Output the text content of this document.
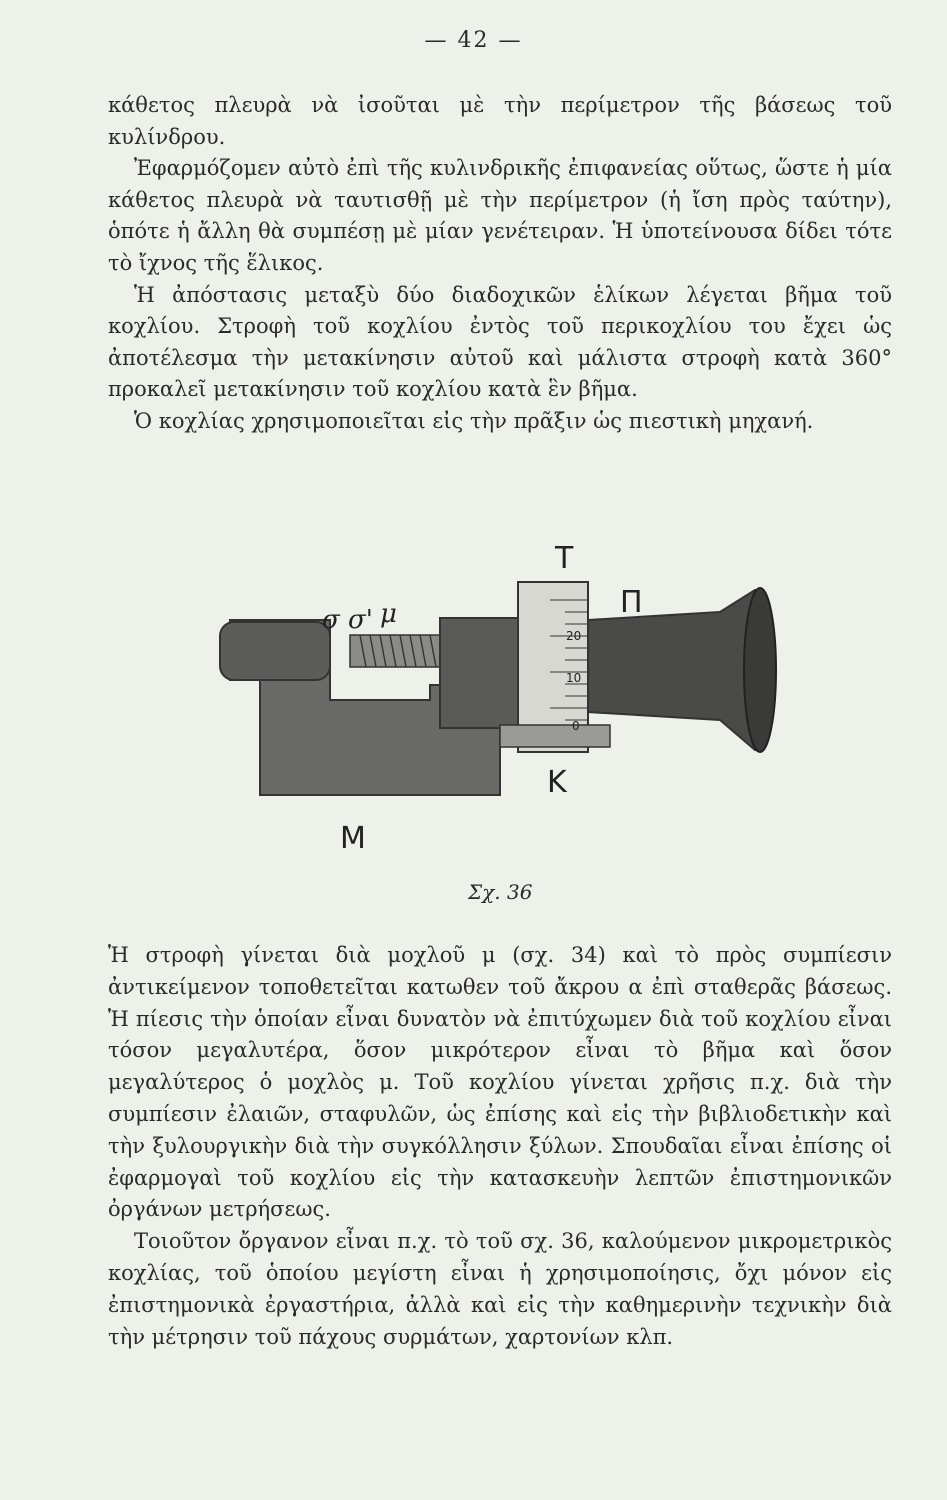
— 42 —

κάθετος πλευρὰ νὰ ἰσοῦται μὲ τὴν περίμετρον τῆς βάσεως τοῦ κυλίνδρου.

Ἐφαρμόζομεν αὐτὸ ἐπὶ τῆς κυλινδρικῆς ἐπιφανείας οὕτως, ὥστε ἡ μία κάθετος πλευρὰ νὰ ταυτισθῇ μὲ τὴν περίμετρον (ἡ ἴση πρὸς ταύτην), ὁπότε ἡ ἄλλη θὰ συμπέσῃ μὲ μίαν γενέτειραν. Ἡ ὑποτείνουσα δίδει τότε τὸ ἴχνος τῆς ἕλικος.

Ἡ ἀπόστασις μεταξὺ δύο διαδοχικῶν ἑλίκων λέγεται βῆμα τοῦ κοχλίου. Στροφὴ τοῦ κοχλίου ἐντὸς τοῦ περικοχλίου του ἔχει ὡς ἀποτέλεσμα τὴν μετακίνησιν αὐτοῦ καὶ μάλιστα στροφὴ κατὰ 360° προκαλεῖ μετακίνησιν τοῦ κοχλίου κατὰ ἓν βῆμα.

Ὁ κοχλίας χρησιμοποιεῖται εἰς τὴν πρᾶξιν ὡς πιεστικὴ μηχανή.

T
Π
σ σ' μ
K
M
20
10
0
Σχ. 36

Ἡ στροφὴ γίνεται διὰ μοχλοῦ μ (σχ. 34) καὶ τὸ πρὸς συμπίεσιν ἀντικείμενον τοποθετεῖται κατωθεν τοῦ ἄκρου α ἐπὶ σταθερᾶς βάσεως. Ἡ πίεσις τὴν ὁποίαν εἶναι δυνατὸν νὰ ἐπιτύχωμεν διὰ τοῦ κοχλίου εἶναι τόσον μεγαλυτέρα, ὅσον μικρότερον εἶναι τὸ βῆμα καὶ ὅσον μεγαλύτερος ὁ μοχλὸς μ. Τοῦ κοχλίου γίνεται χρῆσις π.χ. διὰ τὴν συμπίεσιν ἐλαιῶν, σταφυλῶν, ὡς ἐπίσης καὶ εἰς τὴν βιβλιοδετικὴν καὶ τὴν ξυλουργικὴν διὰ τὴν συγκόλλησιν ξύλων. Σπουδαῖαι εἶναι ἐπίσης οἱ ἐφαρμογαὶ τοῦ κοχλίου εἰς τὴν κατασκευὴν λεπτῶν ἐπιστημονικῶν ὀργάνων μετρήσεως.

Τοιοῦτον ὄργανον εἶναι π.χ. τὸ τοῦ σχ. 36, καλούμενον μικρομετρικὸς κοχλίας, τοῦ ὁποίου μεγίστη εἶναι ἡ χρησιμοποίησις, ὄχι μόνον εἰς ἐπιστημονικὰ ἐργαστήρια, ἀλλὰ καὶ εἰς τὴν καθημερινὴν τεχνικὴν διὰ τὴν μέτρησιν τοῦ πάχους συρμάτων, χαρτονίων κλπ.
